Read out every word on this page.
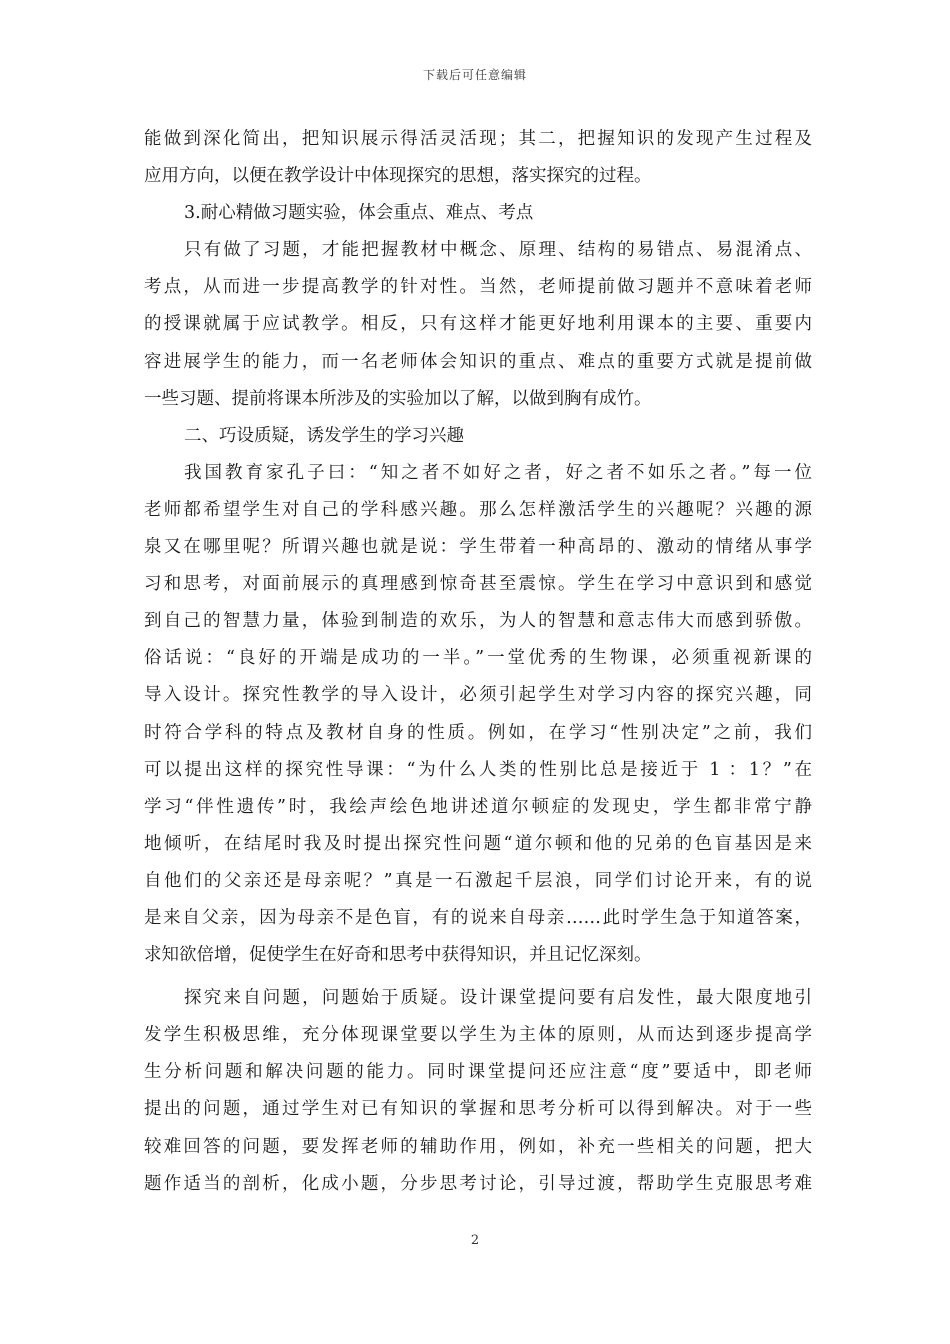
下载后可任意编辑
能做到深化简出，把知识展示得活灵活现；其二，把握知识的发现产生过程及
应用方向，以便在教学设计中体现探究的思想，落实探究的过程。
3.耐心精做习题实验，体会重点、难点、考点
只有做了习题，才能把握教材中概念、原理、结构的易错点、易混淆点、
考点，从而进一步提高教学的针对性。当然，老师提前做习题并不意味着老师
的授课就属于应试教学。相反，只有这样才能更好地利用课本的主要、重要内
容进展学生的能力，而一名老师体会知识的重点、难点的重要方式就是提前做
一些习题、提前将课本所涉及的实验加以了解，以做到胸有成竹。
二、巧设质疑，诱发学生的学习兴趣
我国教育家孔子曰：“知之者不如好之者，好之者不如乐之者。”每一位
老师都希望学生对自己的学科感兴趣。那么怎样激活学生的兴趣呢？兴趣的源
泉又在哪里呢？所谓兴趣也就是说：学生带着一种高昂的、激动的情绪从事学
习和思考，对面前展示的真理感到惊奇甚至震惊。学生在学习中意识到和感觉
到自己的智慧力量，体验到制造的欢乐，为人的智慧和意志伟大而感到骄傲。
俗话说：“良好的开端是成功的一半。”一堂优秀的生物课，必须重视新课的
导入设计。探究性教学的导入设计，必须引起学生对学习内容的探究兴趣，同
时符合学科的特点及教材自身的性质。例如，在学习“性别决定”之前，我们
可以提出这样的探究性导课：“为什么人类的性别比总是接近于 1 ：1？”在
学习“伴性遗传”时，我绘声绘色地讲述道尔顿症的发现史，学生都非常宁静
地倾听，在结尾时我及时提出探究性问题“道尔顿和他的兄弟的色盲基因是来
自他们的父亲还是母亲呢？”真是一石激起千层浪，同学们讨论开来，有的说
是来自父亲，因为母亲不是色盲，有的说来自母亲……此时学生急于知道答案，
求知欲倍增，促使学生在好奇和思考中获得知识，并且记忆深刻。
探究来自问题，问题始于质疑。设计课堂提问要有启发性，最大限度地引
发学生积极思维，充分体现课堂要以学生为主体的原则，从而达到逐步提高学
生分析问题和解决问题的能力。同时课堂提问还应注意“度”要适中，即老师
提出的问题，通过学生对已有知识的掌握和思考分析可以得到解决。对于一些
较难回答的问题，要发挥老师的辅助作用，例如，补充一些相关的问题，把大
题作适当的剖析，化成小题，分步思考讨论，引导过渡，帮助学生克服思考难
2
